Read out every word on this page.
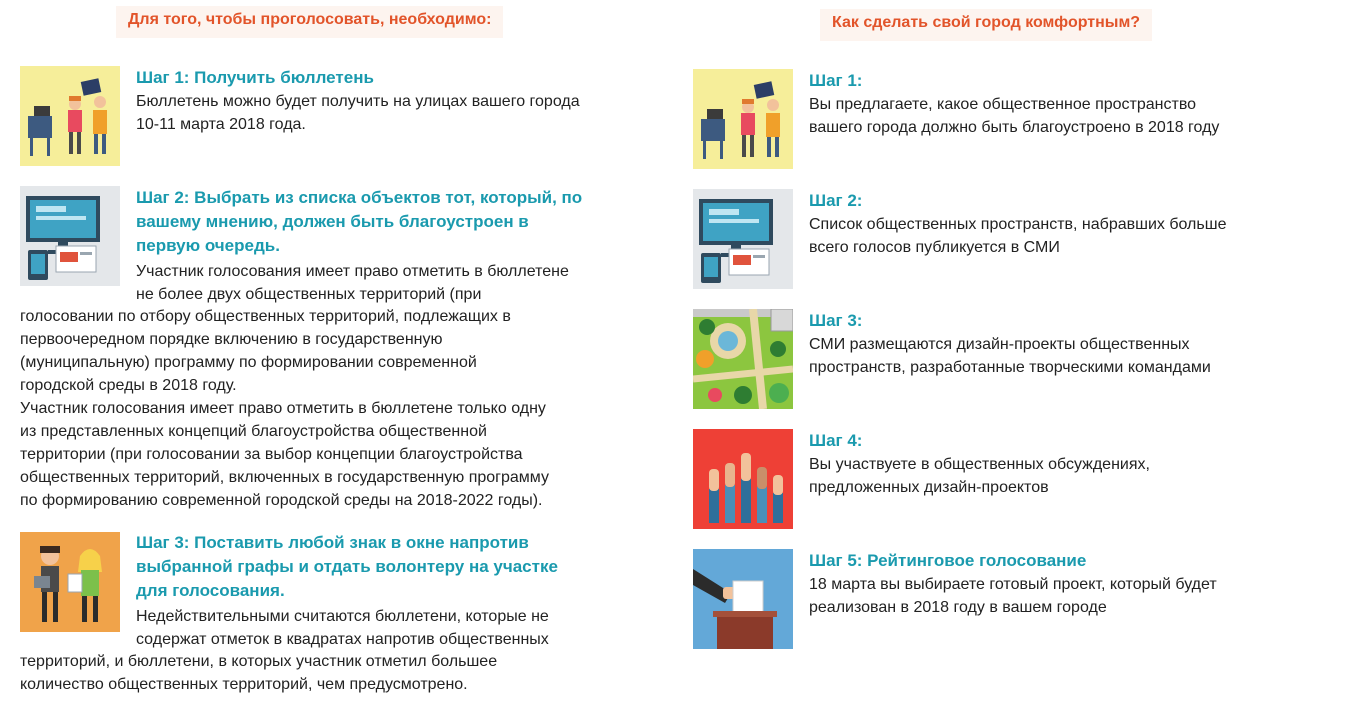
Для того, чтобы проголосовать, необходимо:
Шаг 1: Получить бюллетень
Бюллетень можно будет получить на улицах вашего города 10-11 марта 2018 года.
Шаг 2: Выбрать из списка объектов тот, который, по
вашему мнению, должен быть благоустроен в
первую очередь.
Участник голосования имеет право отметить в бюллетене
не более двух общественных территорий (при
голосовании по отбору общественных территорий, подлежащих в
первоочередном порядке включению в государственную
(муниципальную) программу по формировании современной
городской среды в 2018 году.
Участник голосования имеет право отметить в бюллетене только одну
из представленных концепций благоустройства общественной
территории (при голосовании за выбор концепции благоустройства
общественных территорий, включенных в государственную программу
по формированию современной городской среды на 2018-2022 годы).
Шаг 3: Поставить любой знак в окне напротив
выбранной графы и отдать волонтеру на участке
для голосования.
Недействительными считаются бюллетени, которые не
содержат отметок в квадратах напротив общественных
территорий, и бюллетени, в которых участник отметил большее
количество общественных территорий, чем предусмотрено.
Как сделать свой город комфортным?
Шаг 1:
Вы предлагаете, какое общественное пространство
вашего города должно быть благоустроено в 2018 году
Шаг 2:
Список общественных пространств, набравших больше
всего голосов публикуется в СМИ
Шаг 3:
СМИ размещаются дизайн-проекты общественных
пространств, разработанные творческими командами
Шаг 4:
Вы участвуете в общественных обсуждениях,
предложенных дизайн-проектов
Шаг 5: Рейтинговое голосование
18 марта вы выбираете готовый проект, который будет
реализован в 2018 году в вашем городе
